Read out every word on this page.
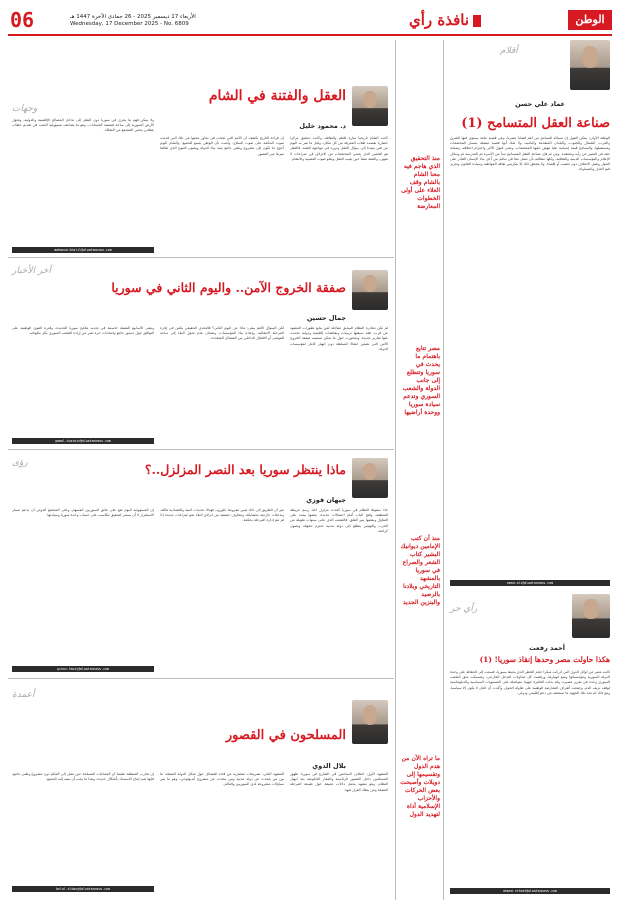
الوطن
نافذة رأي
الأربعاء 17 ديسمبر 2025 - 26 جمادى الآخرة 1447 هـ
Wednesday, 17 December 2025 - No. 6809
06
أقلام
عماد علي حسن
صناعة العقل المتسامح (1)
الوطنة الأولى: يمكن القول إن مسألة التسامح من أهم قضايا عصرنا، وهي قضية عامة يستوي فيها الشرق والغرب، الشمال والجنوب، والبلدان المتقدمة والنامية، ولا شك أنها قضية متصلة بمسار المجتمعات ومستقبلها. والتسامح قيمة إنسانية عليا تنهض عليها المجتمعات، وتعنى قبول الآخر واحترام اختلافه، وصيانة حقه في التعبير عن رأيه ومعتقده. ومن ثم فإن صناعة العقل المتسامح تبدأ من الأسرة ثم المدرسة ثم وسائل الإعلام والمؤسسات الدينية والثقافية، وكلها مطالبة بأن تعمل معا في تناغم من أجل بناء الإنسان القادر على الحوار وتقبل الاختلاف دون تعصب أو إقصاء. ولا يتحقق ذلك إلا بتكريس ثقافة المواطنة وسيادة القانون وتعزيز قيم العدل والمساواة.
emad.ali@alwatannews.com
رأي حر
أحمد رفعت
هكذا حاولت مصر وحدها إنقاذ سوريا! (1)
كانت مصر من أوائل الدول التي أدركت مبكرا حجم الخطر الذي يحيط بسوريا، فسعت إلى الحفاظ على وحدة الدولة السورية ومؤسساتها ومنع انهيارها، ورفضت كل محاولات التدخل الخارجي، وتمسكت بحق الشعب السوري وحده في تقرير مصيره. وقد بذلت القاهرة جهودا متواصلة على المستويات السياسية والدبلوماسية لوقف نزيف الدم، وجمعت أطراف المعارضة الوطنية على طاولة الحوار، وأكدت أن الحل لا يكون إلا سياسيا. ومع ذلك لم تجد تلك الجهود ما تستحقه من دعم إقليمي ودولي.
ahmed.refaat@alwatannews.com
منذ التحقيق الذي هاجم فيه معنا الشام بالشام وقف العلاء على أولى الخطوات المعارضة
مصر تتابع باهتمام ما يحدث في سوريا وتتطلع إلى جانب الدولة والشعب السوري وتدعم سيادة سوريا ووحدة أراضيها
منذ أن كتب الإمامين ديوانيك البشير كتاب الشعر والصراع في سوريا بالمشهد التاريخي وبلادنا بالرصيد والبنزين الجديد
ما تراه الآن من هدم الدول وتقسيمها إلى دويلات وأصبحت بعض الحركات والأحزاب الإسلامية أداة لتهديد الدول
العقل والفتنة في الشام
د. محمود خليل
وجهات
كانت الشام تاريخيا منارة للعلم والثقافة، وكانت دمشق مركزا حضاريا يقصده طلاب المعرفة من كل مكان، ولعل ما تمر به اليوم من فتن يعيدنا إلى سؤال العقل ودوره في مواجهة الفتنة. فالعقل هو الحصن الذي يحمي المجتمعات من الانزلاق في صراعات لا تنتهي، والفتنة تنشأ حين يغيب العقل ويعلو صوت العصبية والانتقام.
إن قراءة التاريخ تكشف أن الأمم التي نجحت في تجاوز محنها هي تلك التي قدمت صوت الحكمة على صوت السلاح، وآمنت بأن الوطن يتسع للجميع. والشام اليوم أحوج ما تكون إلى مشروع وطني جامع يعيد بناء الدولة ويصون التنوع الذي طالما ميزها عبر العصور.
ولا يمكن فهم ما يجري في سوريا دون النظر إلى تداخل المصالح الإقليمية والدولية، وتحول الأرض السورية إلى ساحة لتصفية الحسابات، وهو ما يضاعف مسؤولية النخب في تقديم خطاب عقلاني يحمي المجتمع من التفكك.
mahmoud.khalil@alwatannews.com
صفقة الخروج الآمن.. واليوم الثاني في سوريا
جمال حسين
آخر الأخبار
لم تكن مغادرة النظام السابق مفاجئة لمن يتابع تطورات المشهد عن قرب، فقد سبقتها ترتيبات وتفاهمات إقليمية ودولية تحدثت عنها تقارير عديدة، وتمحورت حول ما يمكن تسميته صفقة الخروج الآمن التي تضمن انتقالا للسلطة دون انهيار كامل لمؤسسات الدولة.
لكن السؤال الأهم يبقى: ماذا عن اليوم الثاني؟ فالتحدي الحقيقي يكمن في إدارة المرحلة الانتقالية، وإعادة بناء المؤسسات، وضمان عدم تحول البلاد إلى ساحة للفوضى أو الاقتتال الداخلي بين الفصائل المتعددة.
وتبقى الأسابيع المقبلة حاسمة في تحديد ملامح سوريا الجديدة، وقدرة القوى الوطنية على التوافق حول دستور جامع وانتخابات حرة تعبر عن إرادة الشعب السوري بكل مكوناته.
gamal.hussein@alwatannews.com
ماذا ينتظر سوريا بعد النصر المزلزل..؟
جيهان فوزي
رؤى
جاء سقوط النظام في سوريا كحدث مزلزل أعاد رسم خريطة المنطقة، وفتح الباب أمام احتمالات عديدة، بعضها يبعث على التفاؤل وبعضها يثير القلق. فالشعب الذي عانى سنوات طويلة من الحرب والتهجير يتطلع إلى دولة مدنية تحترم حقوقه وتصون كرامته.
غير أن الطريق إلى ذلك ليس مفروشا بالورود، فهناك تحديات أمنية واقتصادية هائلة، وتدخلات خارجية متشابكة، ومخاوف حقيقية من انزلاق البلاد نحو صراعات جديدة إذا لم تتم إدارة المرحلة بحكمة.
إن المسؤولية اليوم تقع على عاتق السوريين أنفسهم، وعلى المجتمع الدولي أن يدعم مسار الاستقرار لا أن يسعى لتحقيق مكاسب على حساب وحدة سوريا وسيادتها.
gihan.fawzy@alwatannews.com
المسلحون في القصور
بلال الدوي
أعمدة
المشهد الأول: اختلاف الساعتين في الشارع في سوريا، ظهور المسلحين داخل القصور الرئاسية والمقار الحكومية بعد انهيار النظام، وهو مشهد يحمل دلالات عميقة حول طبيعة المرحلة المقبلة ومن يملك القرار فيها.
المشهد الثاني: تصريحات متضاربة من قادة الفصائل حول شكل الدولة المقبلة، ما بين من يتحدث عن دولة مدنية ومن يتحدث عن مشروع أيديولوجي، وهو ما يثير تساؤلات مشروعة لدى السوريين والعالم.
إن تجارب المنطقة علمتنا أن الجماعات المسلحة حين تصل إلى الحكم دون مشروع وطني جامع، فإنها تعيد إنتاج الاستبداد بأشكال جديدة، وهذا ما يجب أن ينتبه إليه الجميع.
belal.eldawy@alwatannews.com
